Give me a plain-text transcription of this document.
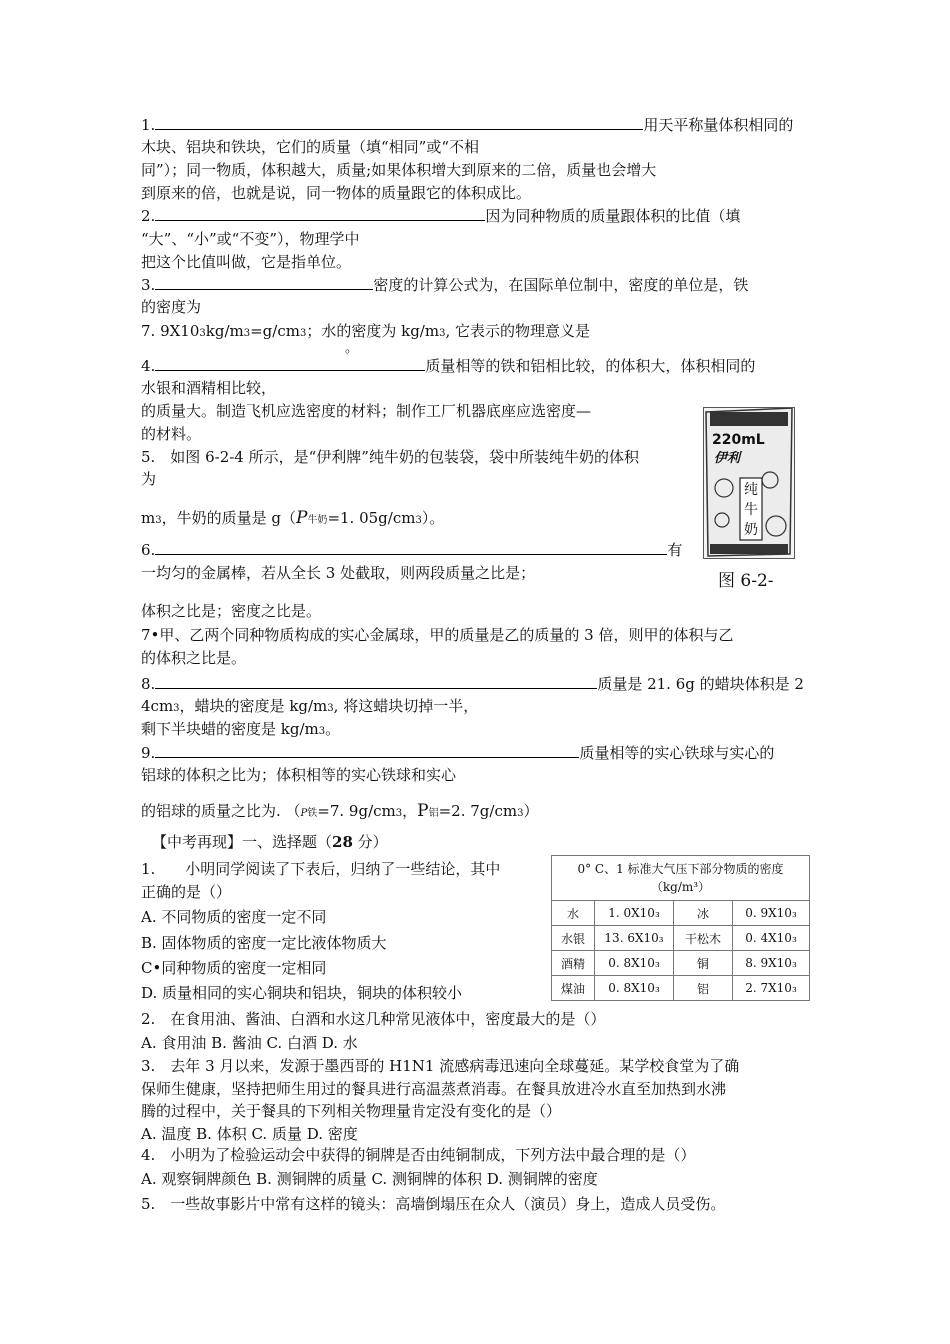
1.	用天平称量体积相同的
木块、铝块和铁块，它们的质量（填“相同”或“不相
同”）；同一物质，体积越大，质量;如果体积增大到原来的二倍，质量也会增大
到原来的倍，也就是说，同一物体的质量跟它的体积成比。
2.	因为同种物质的质量跟体积的比值（填
“大”、“小”或“不变”），物理学中
把这个比值叫做，它是指单位。
3.	密度的计算公式为，在国际单位制中，密度的单位是，铁
的密度为
7. 9X103kg/m3=g/cm3；水的密度为 kg/m3, 它表示的物理意义是
。
4.	质量相等的铁和铝相比较，的体积大，体积相同的
水银和酒精相比较，
的质量大。制造飞机应选密度的材料；制作工厂机器底座应选密度—
的材料。
5.　如图 6-2-4 所示，是“伊利牌”纯牛奶的包装袋，袋中所装纯牛奶的体积
为
m3，牛奶的质量是 g（P牛奶=1. 05g/cm3）。
220mL
伊利
纯
牛
奶
图 6-2-
6.	有
一均匀的金属棒，若从全长 3 处截取，则两段质量之比是；
体积之比是；密度之比是。
7•甲、乙两个同种物质构成的实心金属球，甲的质量是乙的质量的 3 倍，则甲的体积与乙
的体积之比是。
8.	质量是 21. 6g 的蜡块体积是 2
4cm3，蜡块的密度是 kg/m3, 将这蜡块切掉一半，
剩下半块蜡的密度是 kg/m3。
9.	质量相等的实心铁球与实心的
铝球的体积之比为；体积相等的实心铁球和实心
的铝球的质量之比为. （P铁=7. 9g/cm3，P铝=2. 7g/cm3）
【中考再现】一、选择题（28 分）
1.　　小明同学阅读了下表后，归纳了一些结论，其中
正确的是（）
A. 不同物质的密度一定不同
B. 固体物质的密度一定比液体物质大
C•同种物质的密度一定相同
D. 质量相同的实心铜块和铝块，铜块的体积较小
0° C、1 标准大气压下部分物质的密度（kg/m³）			
水	1. 0X10₃	冰	0. 9X10₃
水银	13. 6X10₃	干松木	0. 4X10₃
酒精	0. 8X10₃	铜	8. 9X10₃
煤油	0. 8X10₃	铝	2. 7X10₃
2.　在食用油、酱油、白酒和水这几种常见液体中，密度最大的是（）
A. 食用油 B. 酱油 C. 白酒 D. 水
3.　去年 3 月以来，发源于墨西哥的 H1N1 流感病毒迅速向全球蔓延。某学校食堂为了确
保师生健康，坚持把师生用过的餐具进行高温蒸煮消毒。在餐具放进冷水直至加热到水沸
腾的过程中，关于餐具的下列相关物理量肯定没有变化的是（）
A. 温度 B. 体积 C. 质量 D. 密度
4.　小明为了检验运动会中获得的铜牌是否由纯铜制成，下列方法中最合理的是（）
A. 观察铜牌颜色 B. 测铜牌的质量 C. 测铜牌的体积 D. 测铜牌的密度
5.　一些故事影片中常有这样的镜头：高墙倒塌压在众人（演员）身上，造成人员受伤。
